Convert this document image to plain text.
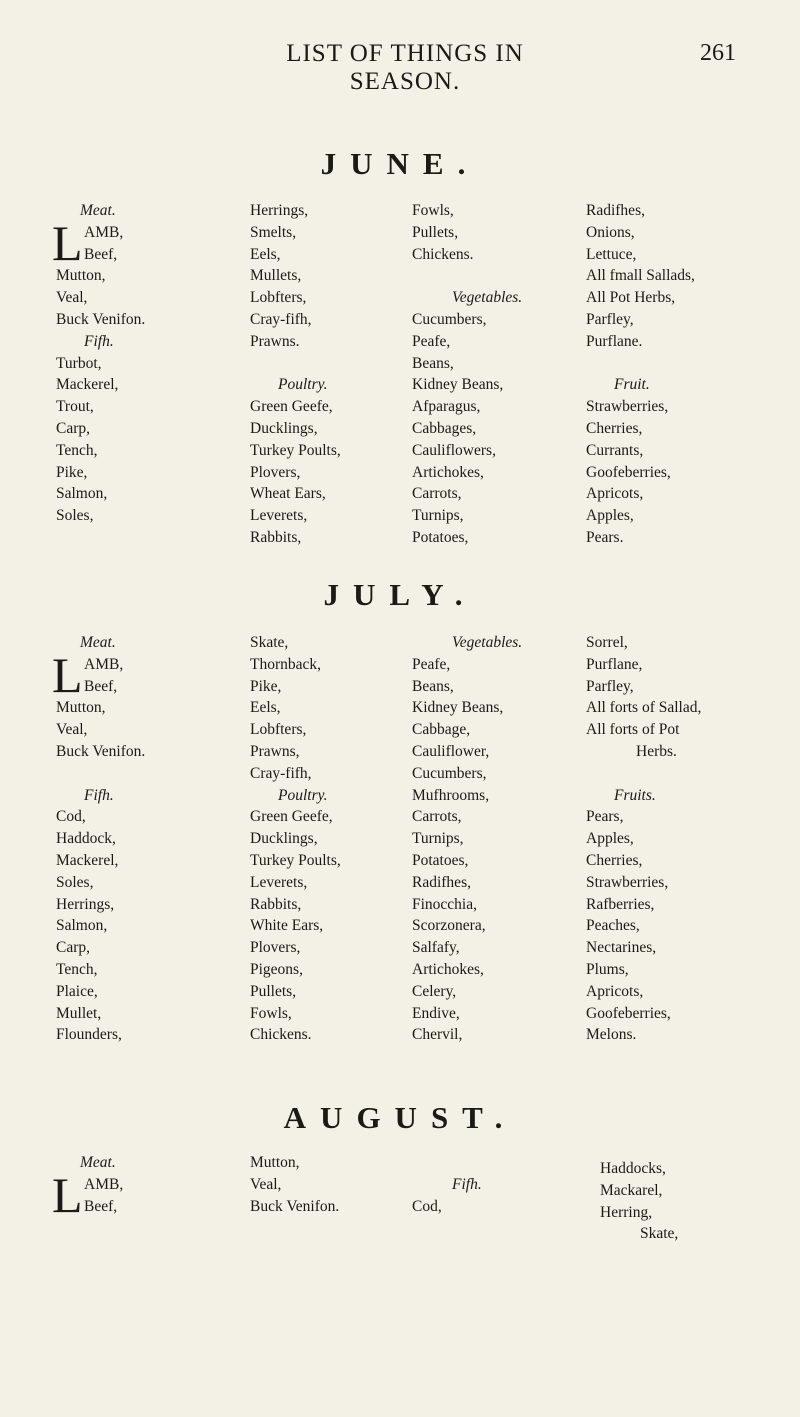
LIST OF THINGS IN SEASON.
261
JUNE.
Meat.
L AMB,
Beef,
Mutton,
Veal,
Buck Venifon.
Fifh.
Turbot,
Mackerel,
Trout,
Carp,
Tench,
Pike,
Salmon,
Soles,
Herrings,
Smelts,
Eels,
Mullets,
Lobfters,
Cray-fifh,
Prawns.
Poultry.
Green Geefe,
Ducklings,
Turkey Poults,
Plovers,
Wheat Ears,
Leverets,
Rabbits,
Fowls,
Pullets,
Chickens.
Vegetables.
Cucumbers,
Peafe,
Beans,
Kidney Beans,
Afparagus,
Cabbages,
Cauliflowers,
Artichokes,
Carrots,
Turnips,
Potatoes,
Radifhes,
Onions,
Lettuce,
All fmall Sallads,
All Pot Herbs,
Parfley,
Purflane.
Fruit.
Strawberries,
Cherries,
Currants,
Goofeberries,
Apricots,
Apples,
Pears.
JULY.
Meat.
L AMB,
Beef,
Mutton,
Veal,
Buck Venifon.
Fifh.
Cod,
Haddock,
Mackerel,
Soles,
Herrings,
Salmon,
Carp,
Tench,
Plaice,
Mullet,
Flounders,
Skate,
Thornback,
Pike,
Eels,
Lobfters,
Prawns,
Cray-fifh,
Poultry.
Green Geefe,
Ducklings,
Turkey Poults,
Leverets,
Rabbits,
White Ears,
Plovers,
Pigeons,
Pullets,
Fowls,
Chickens.
Vegetables.
Peafe,
Beans,
Kidney Beans,
Cabbage,
Cauliflower,
Cucumbers,
Mufhrooms,
Carrots,
Turnips,
Potatoes,
Radifhes,
Finocchia,
Scorzonera,
Salfafy,
Artichokes,
Celery,
Endive,
Chervil,
Sorrel,
Purflane,
Parfley,
All forts of Sallad,
All forts of Pot
Herbs.
Fruits.
Pears,
Apples,
Cherries,
Strawberries,
Rafberries,
Peaches,
Nectarines,
Plums,
Apricots,
Goofeberries,
Melons.
AUGUST.
Meat.
L AMB,
Beef,
Mutton,
Veal,
Buck Venifon.
Fifh.
Cod,
Haddocks,
Mackarel,
Herring,
Skate,
